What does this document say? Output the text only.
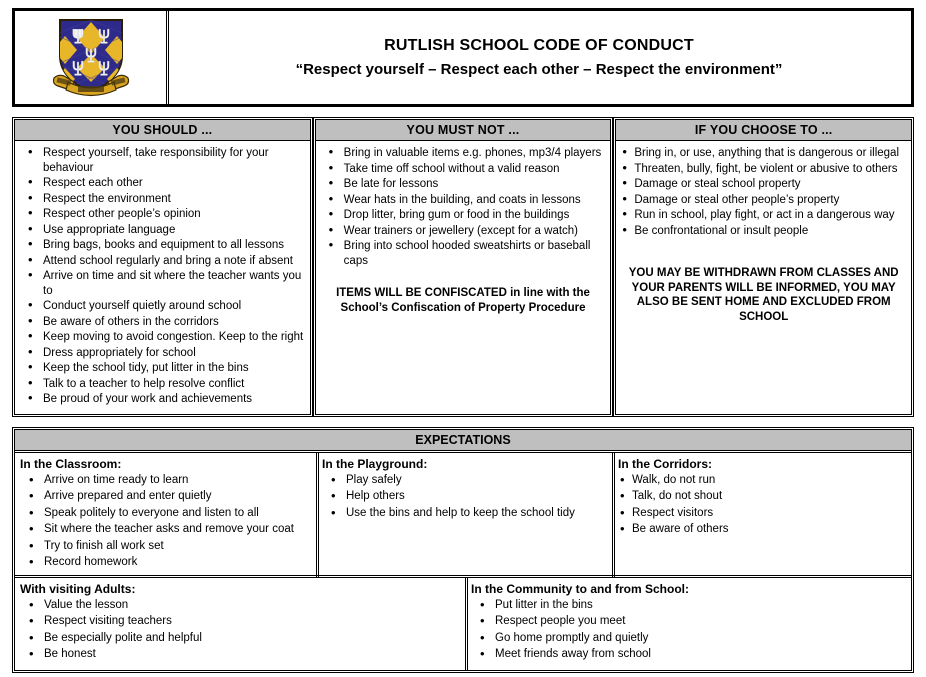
RUTLISH SCHOOL CODE OF CONDUCT
“Respect yourself – Respect each other – Respect the environment”
YOU SHOULD ...
• Respect yourself, take responsibility for your behaviour
• Respect each other
• Respect the environment
• Respect other people’s opinion
• Use appropriate language
• Bring bags, books and equipment to all lessons
• Attend school regularly and bring a note if absent
• Arrive on time and sit where the teacher wants you to
• Conduct yourself quietly around school
• Be aware of others in the corridors
• Keep moving to avoid congestion. Keep to the right
• Dress appropriately for school
• Keep the school tidy, put litter in the bins
• Talk to a teacher to help resolve conflict
• Be proud of your work and achievements
YOU MUST NOT ...
• Bring in valuable items e.g. phones, mp3/4 players
• Take time off school without a valid reason
• Be late for lessons
• Wear hats in the building, and coats in lessons
• Drop litter, bring gum or food in the buildings
• Wear trainers or jewellery (except for a watch)
• Bring into school hooded sweatshirts or baseball caps
ITEMS WILL BE CONFISCATED in line with the School’s Confiscation of Property Procedure
IF YOU CHOOSE TO ...
• Bring in, or use, anything that is dangerous or illegal
• Threaten, bully, fight, be violent or abusive to others
• Damage or steal school property
• Damage or steal other people’s property
• Run in school, play fight, or act in a dangerous way
• Be confrontational or insult people
YOU MAY BE WITHDRAWN FROM CLASSES AND YOUR PARENTS WILL BE INFORMED, YOU MAY ALSO BE SENT HOME AND EXCLUDED FROM SCHOOL
EXPECTATIONS
In the Classroom:
• Arrive on time ready to learn
• Arrive prepared and enter quietly
• Speak politely to everyone and listen to all
• Sit where the teacher asks and remove your coat
• Try to finish all work set
• Record homework
In the Playground:
• Play safely
• Help others
• Use the bins and help to keep the school tidy
In the Corridors:
• Walk, do not run
• Talk, do not shout
• Respect visitors
• Be aware of others
With visiting Adults:
• Value the lesson
• Respect visiting teachers
• Be especially polite and helpful
• Be honest
In the Community to and from School:
• Put litter in the bins
• Respect people you meet
• Go home promptly and quietly
• Meet friends away from school
